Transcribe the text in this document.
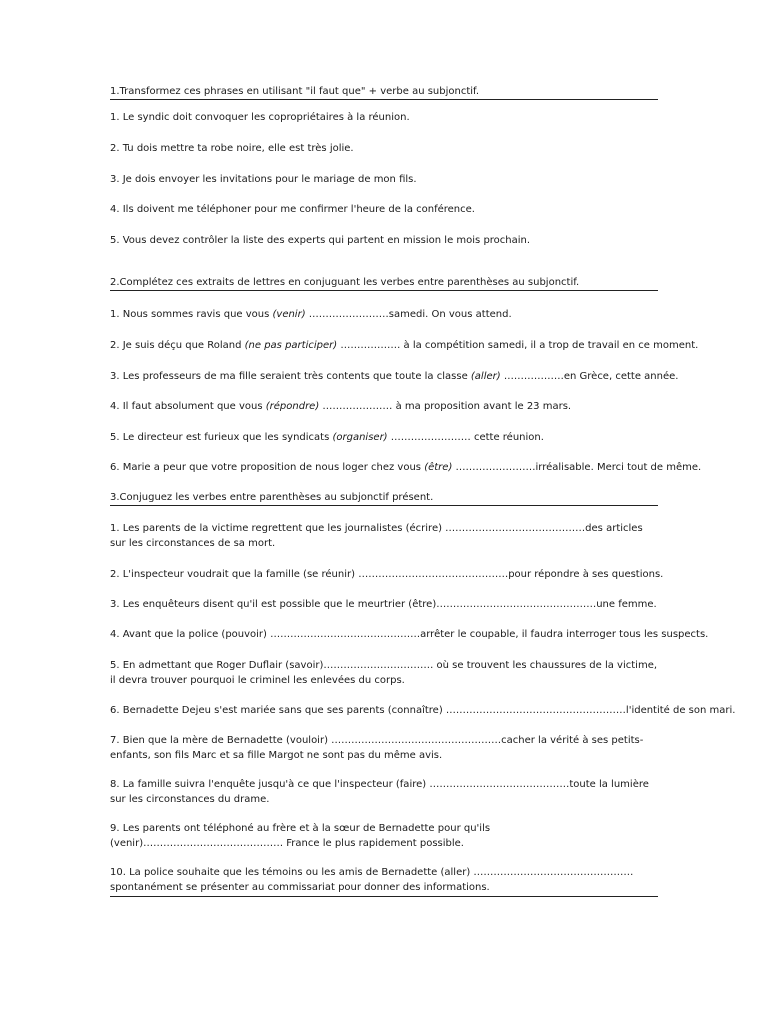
1.Transformez ces phrases en utilisant "il faut que" + verbe au subjonctif.
1. Le syndic doit convoquer les copropriétaires à la réunion.
2. Tu dois mettre ta robe noire, elle est très jolie.
3. Je dois envoyer les invitations pour le mariage de mon fils.
4. Ils doivent me téléphoner pour me confirmer l'heure de la conférence.
5. Vous devez contrôler la liste des experts qui partent en mission le mois prochain.
2.Complétez ces extraits de lettres en conjuguant les verbes entre parenthèses au subjonctif.
1. Nous sommes ravis que vous (venir) ……………………samedi. On vous attend.
2. Je suis déçu que Roland (ne pas participer) ……………… à la compétition samedi, il a trop de travail en ce moment.
3. Les professeurs de ma fille seraient très contents que toute la classe (aller) ………………en Grèce, cette année.
4. Il faut absolument que vous (répondre) ………………… à ma proposition avant le 23 mars.
5. Le directeur est furieux que les syndicats (organiser) …………………… cette réunion.
6. Marie a peur que votre proposition de nous loger chez vous (être) ……………………irréalisable. Merci tout de même.
3.Conjuguez les verbes entre parenthèses au subjonctif présent.
1. Les parents de la victime regrettent que les journalistes (écrire) ……………………………………des articles sur les circonstances de sa mort.
2. L'inspecteur voudrait que la famille (se réunir) ………………………………………pour répondre à ses questions.
3. Les enquêteurs disent qu'il est possible que le meurtrier (être)…………………………………………une femme.
4. Avant que la police (pouvoir) ………………………………………arrêter le coupable, il faudra interroger tous les suspects.
5. En admettant que Roger Duflair (savoir)…………………………… où se trouvent les chaussures de la victime, il devra trouver pourquoi le criminel les enlevées du corps.
6. Bernadette Dejeu s'est mariée sans que ses parents (connaître) ………………………………………………l'identité de son mari.
7. Bien que la mère de Bernadette (vouloir) ……………………………………………cacher la vérité à ses petits-enfants, son fils Marc et sa fille Margot ne sont pas du même avis.
8. La famille suivra l'enquête jusqu'à ce que l'inspecteur (faire) ……………………………………toute la lumière sur les circonstances du drame.
9. Les parents ont téléphoné au frère et à la sœur de Bernadette pour qu'ils (venir)…………………………………… France le plus rapidement possible.
10. La police souhaite que les témoins ou les amis de Bernadette (aller) ………………………………………… spontanément se présenter au commissariat pour donner des informations.
